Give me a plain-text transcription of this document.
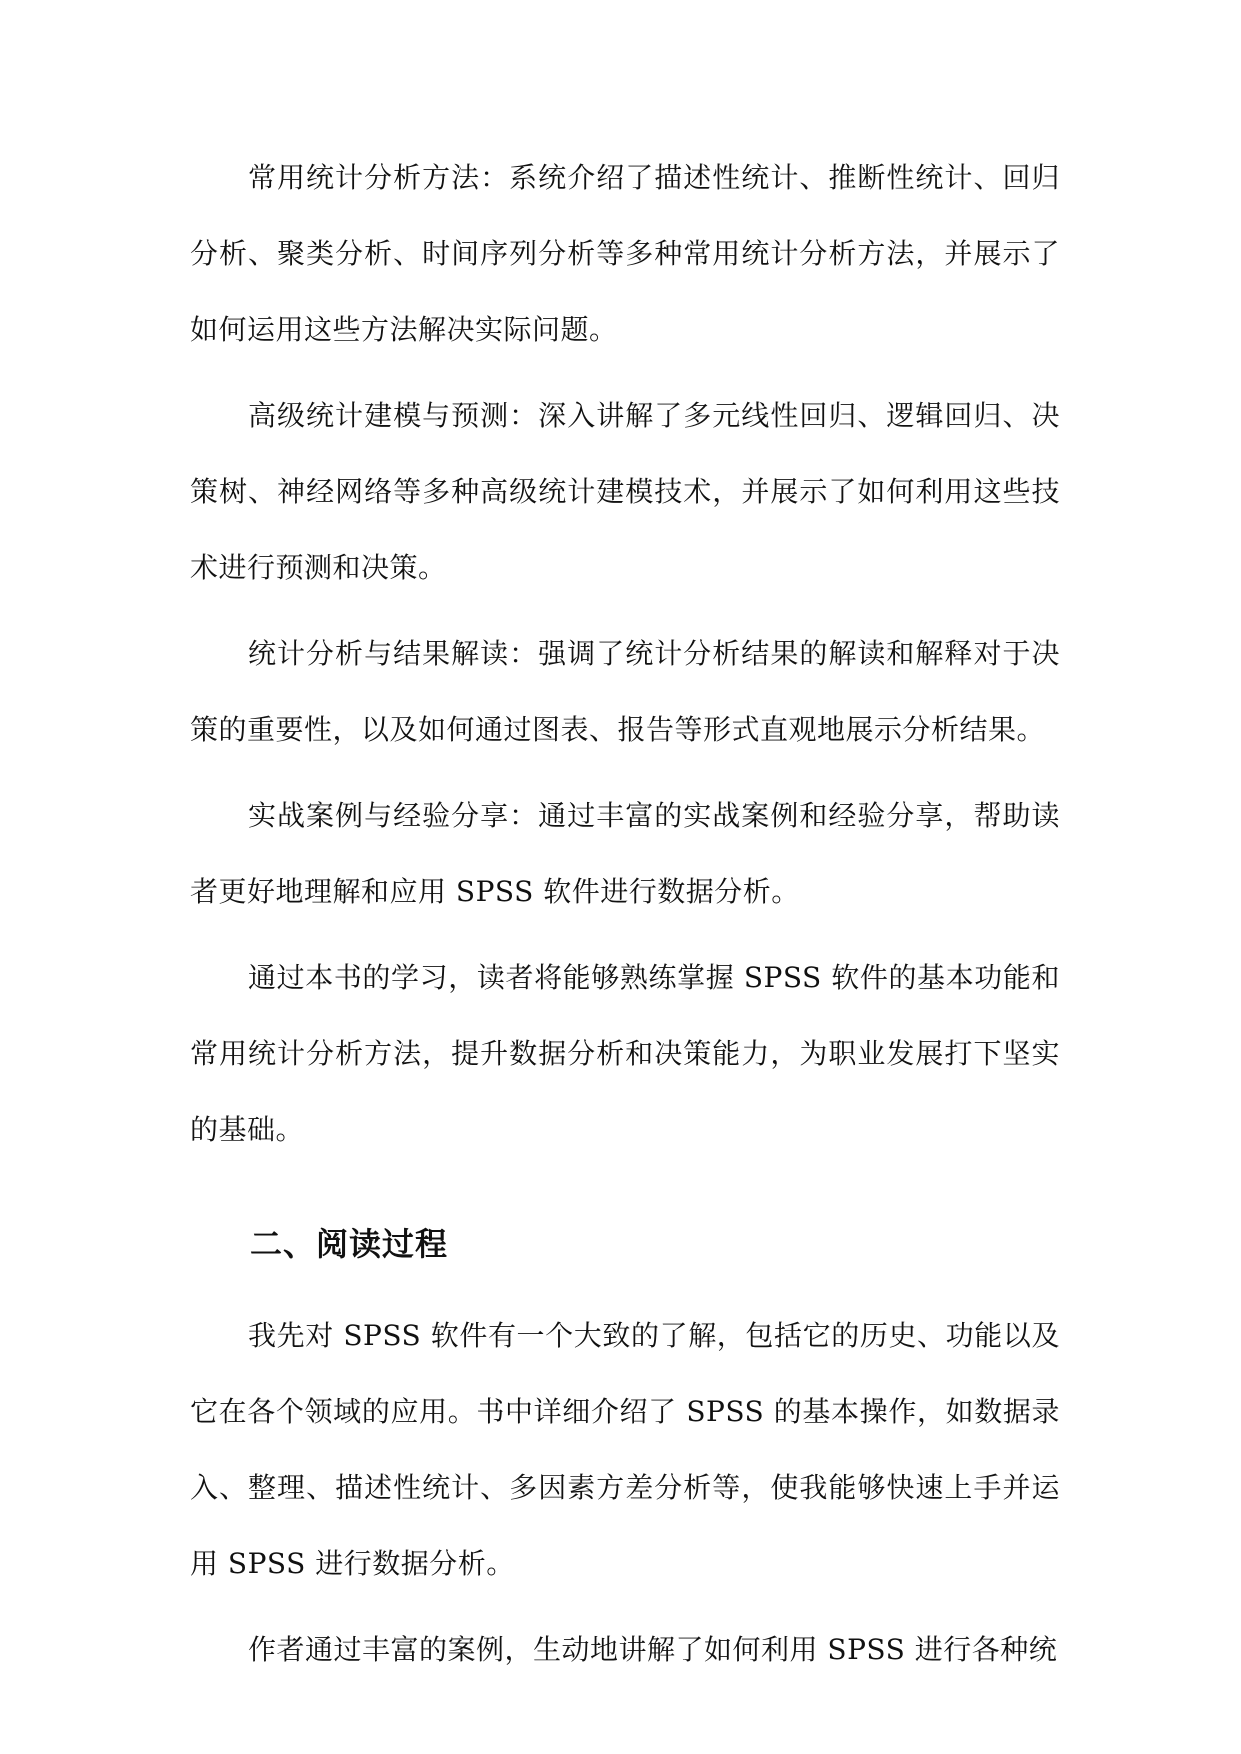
常用统计分析方法：系统介绍了描述性统计、推断性统计、回归分析、聚类分析、时间序列分析等多种常用统计分析方法，并展示了如何运用这些方法解决实际问题。

高级统计建模与预测：深入讲解了多元线性回归、逻辑回归、决策树、神经网络等多种高级统计建模技术，并展示了如何利用这些技术进行预测和决策。

统计分析与结果解读：强调了统计分析结果的解读和解释对于决策的重要性，以及如何通过图表、报告等形式直观地展示分析结果。

实战案例与经验分享：通过丰富的实战案例和经验分享，帮助读者更好地理解和应用 SPSS 软件进行数据分析。

通过本书的学习，读者将能够熟练掌握 SPSS 软件的基本功能和常用统计分析方法，提升数据分析和决策能力，为职业发展打下坚实的基础。

二、阅读过程

我先对 SPSS 软件有一个大致的了解，包括它的历史、功能以及它在各个领域的应用。书中详细介绍了 SPSS 的基本操作，如数据录入、整理、描述性统计、多因素方差分析等，使我能够快速上手并运用 SPSS 进行数据分析。

作者通过丰富的案例，生动地讲解了如何利用 SPSS 进行各种统
